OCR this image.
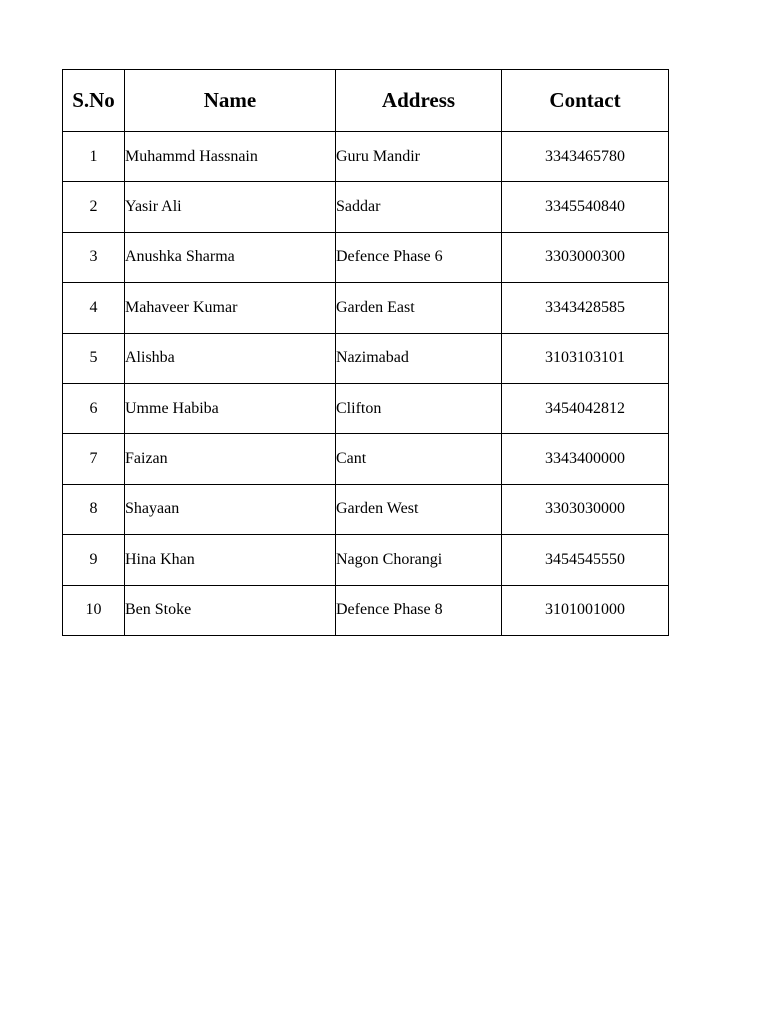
S.No	Name	Address	Contact
1	Muhammd Hassnain	Guru Mandir	3343465780
2	Yasir Ali	Saddar	3345540840
3	Anushka Sharma	Defence Phase 6	3303000300
4	Mahaveer Kumar	Garden East	3343428585
5	Alishba	Nazimabad	3103103101
6	Umme Habiba	Clifton	3454042812
7	Faizan	Cant	3343400000
8	Shayaan	Garden West	3303030000
9	Hina Khan	Nagon Chorangi	3454545550
10	Ben Stoke	Defence Phase 8	3101001000
